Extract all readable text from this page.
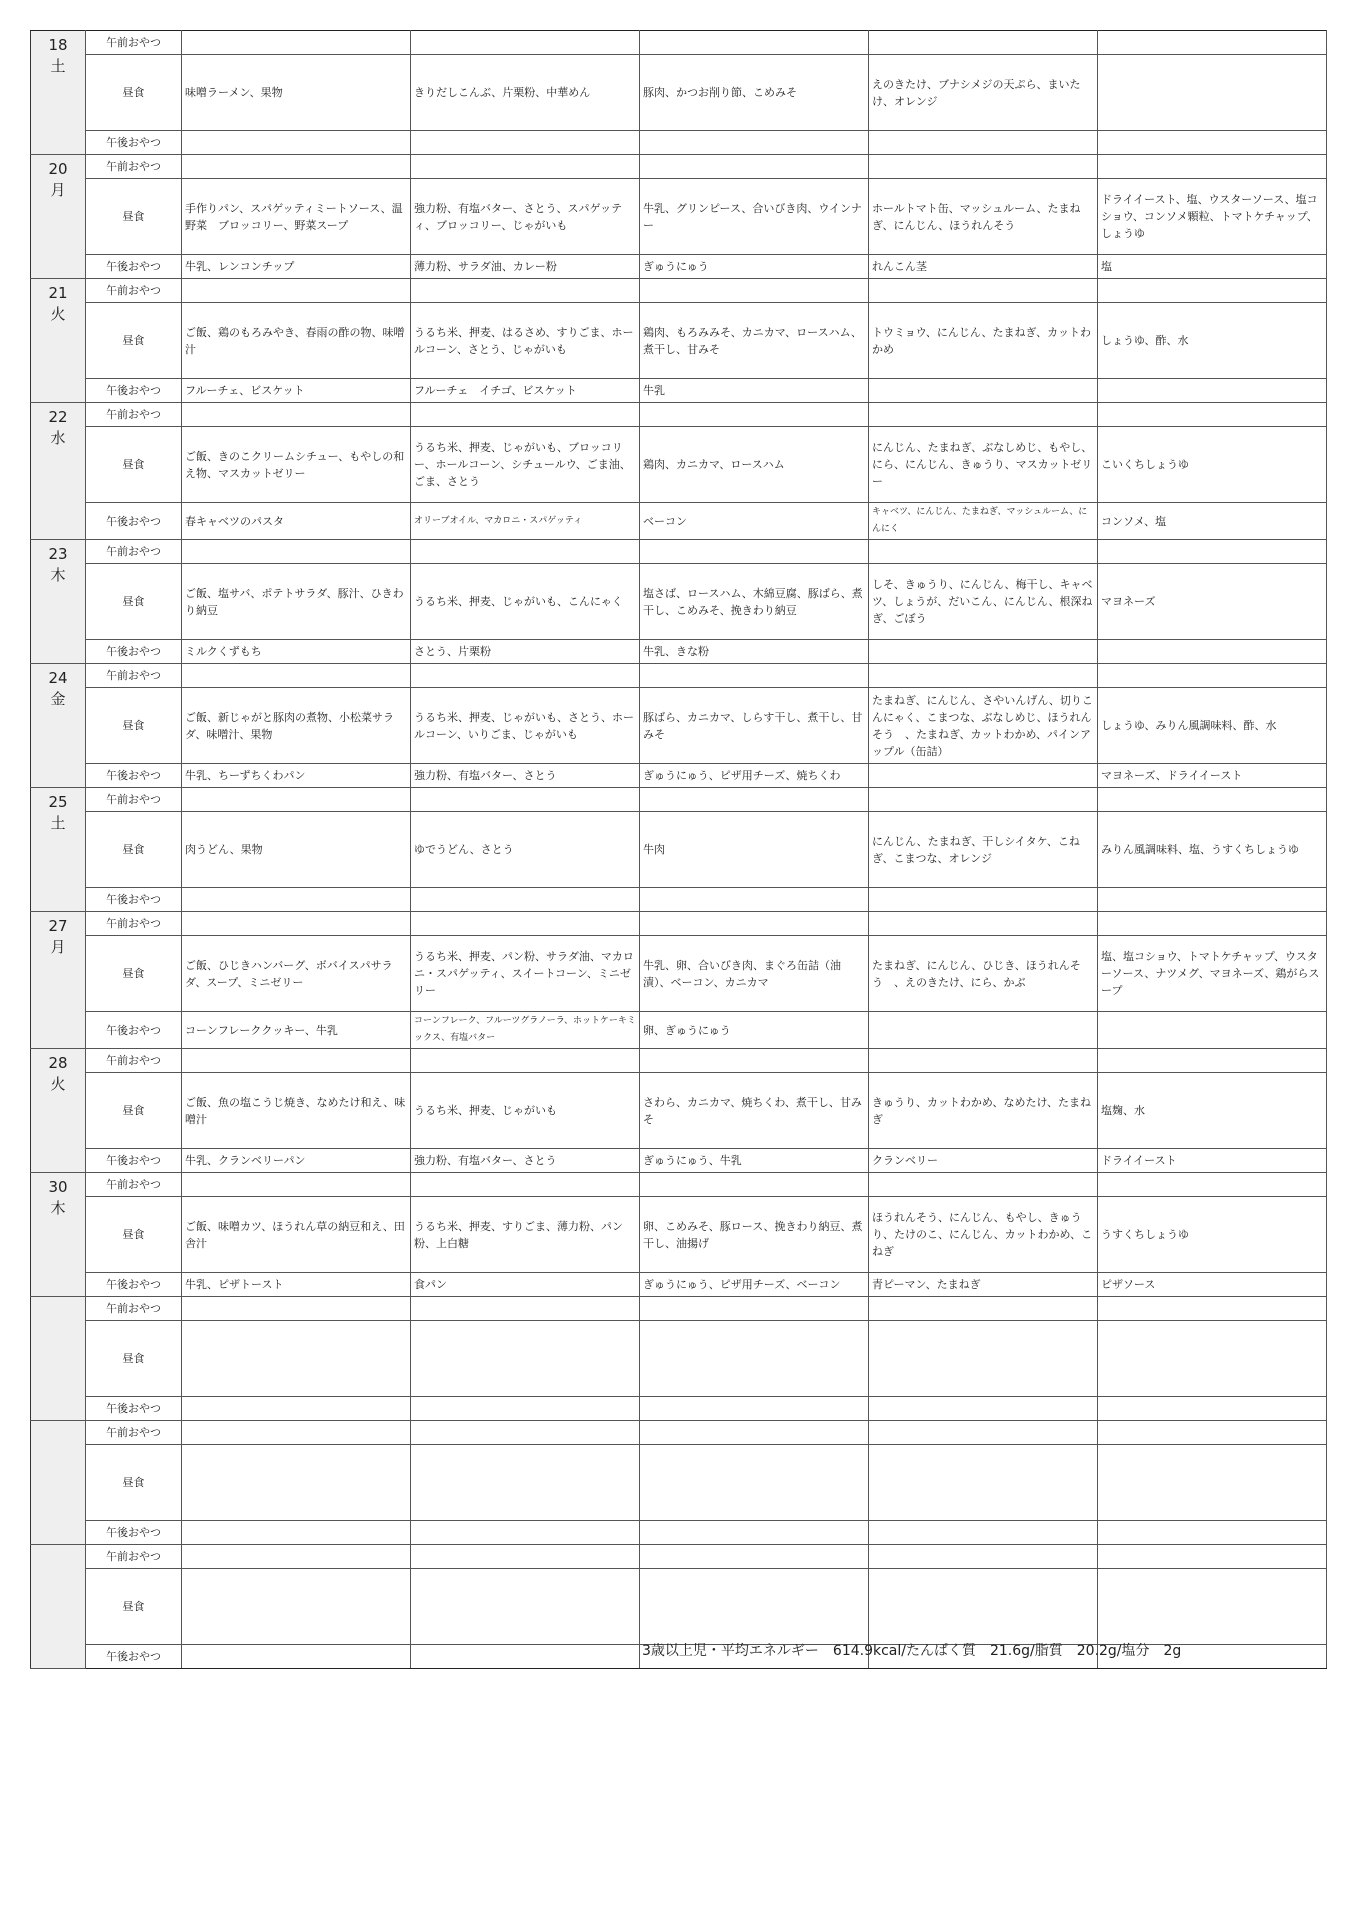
18
土	午前おやつ					
	昼食	味噌ラーメン、果物	きりだしこんぶ、片栗粉、中華めん	豚肉、かつお削り節、こめみそ	えのきたけ、ブナシメジの天ぷら、まいたけ、オレンジ	
	午後おやつ					

20
月	午前おやつ					
	昼食	手作りパン、スパゲッティミートソース、温野菜　ブロッコリー、野菜スープ	強力粉、有塩バター、さとう、スパゲッティ、ブロッコリー、じゃがいも	牛乳、グリンピース、合いびき肉、ウインナー	ホールトマト缶、マッシュルーム、たまねぎ、にんじん、ほうれんそう	ドライイースト、塩、ウスターソース、塩コショウ、コンソメ顆粒、トマトケチャップ、しょうゆ
	午後おやつ	牛乳、レンコンチップ	薄力粉、サラダ油、カレー粉	ぎゅうにゅう	れんこん茎	塩

21
火	午前おやつ					
	昼食	ご飯、鶏のもろみやき、春雨の酢の物、味噌汁	うるち米、押麦、はるさめ、すりごま、ホールコーン、さとう、じゃがいも	鶏肉、もろみみそ、カニカマ、ロースハム、煮干し、甘みそ	トウミョウ、にんじん、たまねぎ、カットわかめ	しょうゆ、酢、水
	午後おやつ	フルーチェ、ビスケット	フルーチェ　イチゴ、ビスケット	牛乳		

22
水	午前おやつ					
	昼食	ご飯、きのこクリームシチュー、もやしの和え物、マスカットゼリー	うるち米、押麦、じゃがいも、ブロッコリー、ホールコーン、シチュールウ、ごま油、ごま、さとう	鶏肉、カニカマ、ロースハム	にんじん、たまねぎ、ぶなしめじ、もやし、にら、にんじん、きゅうり、マスカットゼリー	こいくちしょうゆ
	午後おやつ	春キャベツのパスタ	オリーブオイル、マカロニ・スパゲッティ	ベーコン	キャベツ、にんじん、たまねぎ、マッシュルーム、にんにく	コンソメ、塩

23
木	午前おやつ					
	昼食	ご飯、塩サバ、ポテトサラダ、豚汁、ひきわり納豆	うるち米、押麦、じゃがいも、こんにゃく	塩さば、ロースハム、木綿豆腐、豚ばら、煮干し、こめみそ、挽きわり納豆	しそ、きゅうり、にんじん、梅干し、キャベツ、しょうが、だいこん、にんじん、根深ねぎ、ごぼう	マヨネーズ
	午後おやつ	ミルクくずもち	さとう、片栗粉	牛乳、きな粉		

24
金	午前おやつ					
	昼食	ご飯、新じゃがと豚肉の煮物、小松菜サラダ、味噌汁、果物	うるち米、押麦、じゃがいも、さとう、ホールコーン、いりごま、じゃがいも	豚ばら、カニカマ、しらす干し、煮干し、甘みそ	たまねぎ、にんじん、さやいんげん、切りこんにゃく、こまつな、ぶなしめじ、ほうれんそう　、たまねぎ、カットわかめ、パインアップル（缶詰）	しょうゆ、みりん風調味料、酢、水
	午後おやつ	牛乳、ちーずちくわパン	強力粉、有塩バター、さとう	ぎゅうにゅう、ピザ用チーズ、焼ちくわ		マヨネーズ、ドライイースト

25
土	午前おやつ					
	昼食	肉うどん、果物	ゆでうどん、さとう	牛肉	にんじん、たまねぎ、干しシイタケ、こねぎ、こまつな、オレンジ	みりん風調味料、塩、うすくちしょうゆ
	午後おやつ					

27
月	午前おやつ					
	昼食	ご飯、ひじきハンバーグ、ボバイスパサラダ、スープ、ミニゼリー	うるち米、押麦、パン粉、サラダ油、マカロニ・スパゲッティ、スイートコーン、ミニゼリー	牛乳、卵、合いびき肉、まぐろ缶詰（油漬）、ベーコン、カニカマ	たまねぎ、にんじん、ひじき、ほうれんそう　、えのきたけ、にら、かぶ	塩、塩コショウ、トマトケチャップ、ウスターソース、ナツメグ、マヨネーズ、鶏がらスープ
	午後おやつ	コーンフレーククッキー、牛乳	コーンフレーク、フルーツグラノーラ、ホットケーキミックス、有塩バター	卵、ぎゅうにゅう		

28
火	午前おやつ					
	昼食	ご飯、魚の塩こうじ焼き、なめたけ和え、味噌汁	うるち米、押麦、じゃがいも	さわら、カニカマ、焼ちくわ、煮干し、甘みそ	きゅうり、カットわかめ、なめたけ、たまねぎ	塩麹、水
	午後おやつ	牛乳、クランベリーパン	強力粉、有塩バター、さとう	ぎゅうにゅう、牛乳	クランベリー	ドライイースト

30
木	午前おやつ					
	昼食	ご飯、味噌カツ、ほうれん草の納豆和え、田舎汁	うるち米、押麦、すりごま、薄力粉、パン粉、上白糖	卵、こめみそ、豚ロース、挽きわり納豆、煮干し、油揚げ	ほうれんそう、にんじん、もやし、きゅうり、たけのこ、にんじん、カットわかめ、こねぎ	うすくちしょうゆ
	午後おやつ	牛乳、ピザトースト	食パン	ぎゅうにゅう、ピザ用チーズ、ベーコン	青ピーマン、たまねぎ	ピザソース

	午前おやつ					
	昼食					
	午後おやつ					

	午前おやつ					
	昼食					
	午後おやつ					

	午前おやつ					
	昼食					
	午後おやつ						3歳以上児・平均エネルギー　614.9kcal/たんぱく質　21.6g/脂質　20.2g/塩分　2g
